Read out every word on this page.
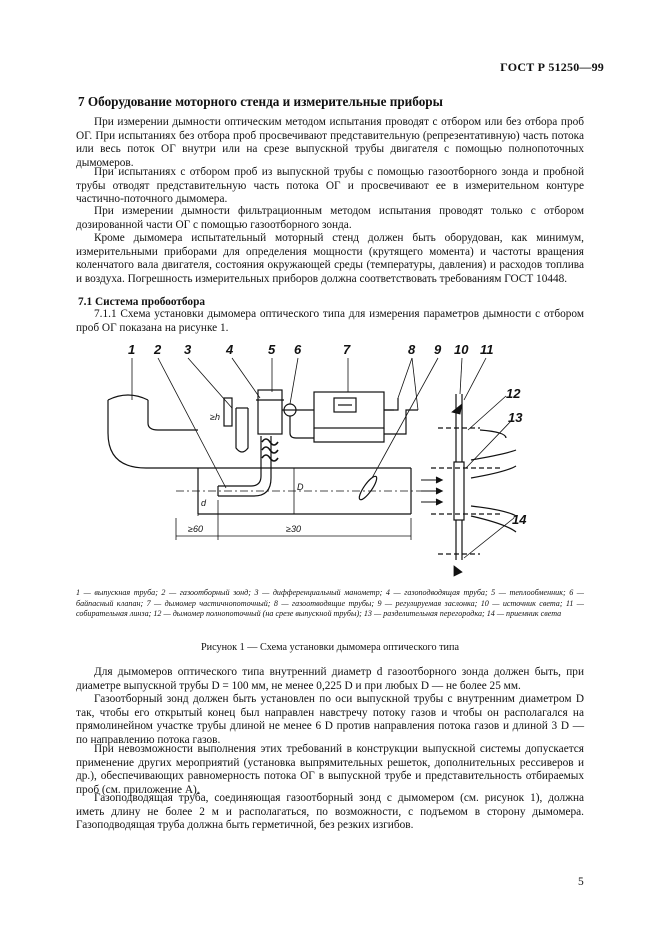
ГОСТ Р 51250—99
7 Оборудование моторного стенда и измерительные приборы
При измерении дымности оптическим методом испытания проводят с отбором или без отбора проб ОГ. При испытаниях без отбора проб просвечивают представительную (репрезентативную) часть потока или весь поток ОГ внутри или на срезе выпускной трубы двигателя с помощью полнопоточных дымомеров.
При испытаниях с отбором проб из выпускной трубы с помощью газоотборного зонда и пробной трубы отводят представительную часть потока ОГ и просвечивают ее в измерительном контуре частично-поточного дымомера.
При измерении дымности фильтрационным методом испытания проводят только с отбором дозированной части ОГ с помощью газоотборного зонда.
Кроме дымомера испытательный моторный стенд должен быть оборудован, как минимум, измерительными приборами для определения мощности (крутящего момента) и частоты вращения коленчатого вала двигателя, состояния окружающей среды (температуры, давления) и расходов топлива и воздуха. Погрешность измерительных приборов должна соответствовать требованиям ГОСТ 10448.
7.1 Система пробоотбора
7.1.1 Схема установки дымомера оптического типа для измерения параметров дымности с отбором проб ОГ показана на рисунке 1.
1 2 3	4	5 6	7	8 9 10 11
12
13
14
≥60	≥30
D
d
≥h
1 — выпускная труба; 2 — газоотборный зонд; 3 — дифференциальный манометр; 4 — газоподводящая труба; 5 — теплообменник; 6 — байпасный клапан; 7 — дымомер частичнопоточный; 8 — газоотводящие трубы; 9 — регулируемая заслонка; 10 — источник света; 11 — собирательная линза; 12 — дымомер полнопоточный (на срезе выпускной трубы); 13 — разделительная перегородка; 14 — приемник света
Рисунок 1 — Схема установки дымомера оптического типа
Для дымомеров оптического типа внутренний диаметр d газоотборного зонда должен быть, при диаметре выпускной трубы D = 100 мм, не менее 0,225 D и при любых D — не более 25 мм.
Газоотборный зонд должен быть установлен по оси выпускной трубы с внутренним диаметром D так, чтобы его открытый конец был направлен навстречу потоку газов и чтобы он располагался на прямолинейном участке трубы длиной не менее 6 D против направления потока газов и длиной 3 D — по направлению потока газов.
При невозможности выполнения этих требований в конструкции выпускной системы допускается применение других мероприятий (установка выпрямительных решеток, дополнительных рессиверов и др.), обеспечивающих равномерность потока ОГ в выпускной трубе и представительность отбираемых проб (см. приложение А).
Газоподводящая труба, соединяющая газоотборный зонд с дымомером (см. рисунок 1), должна иметь длину не более 2 м и располагаться, по возможности, с подъемом в сторону дымомера. Газоподводящая труба должна быть герметичной, без резких изгибов.
5
